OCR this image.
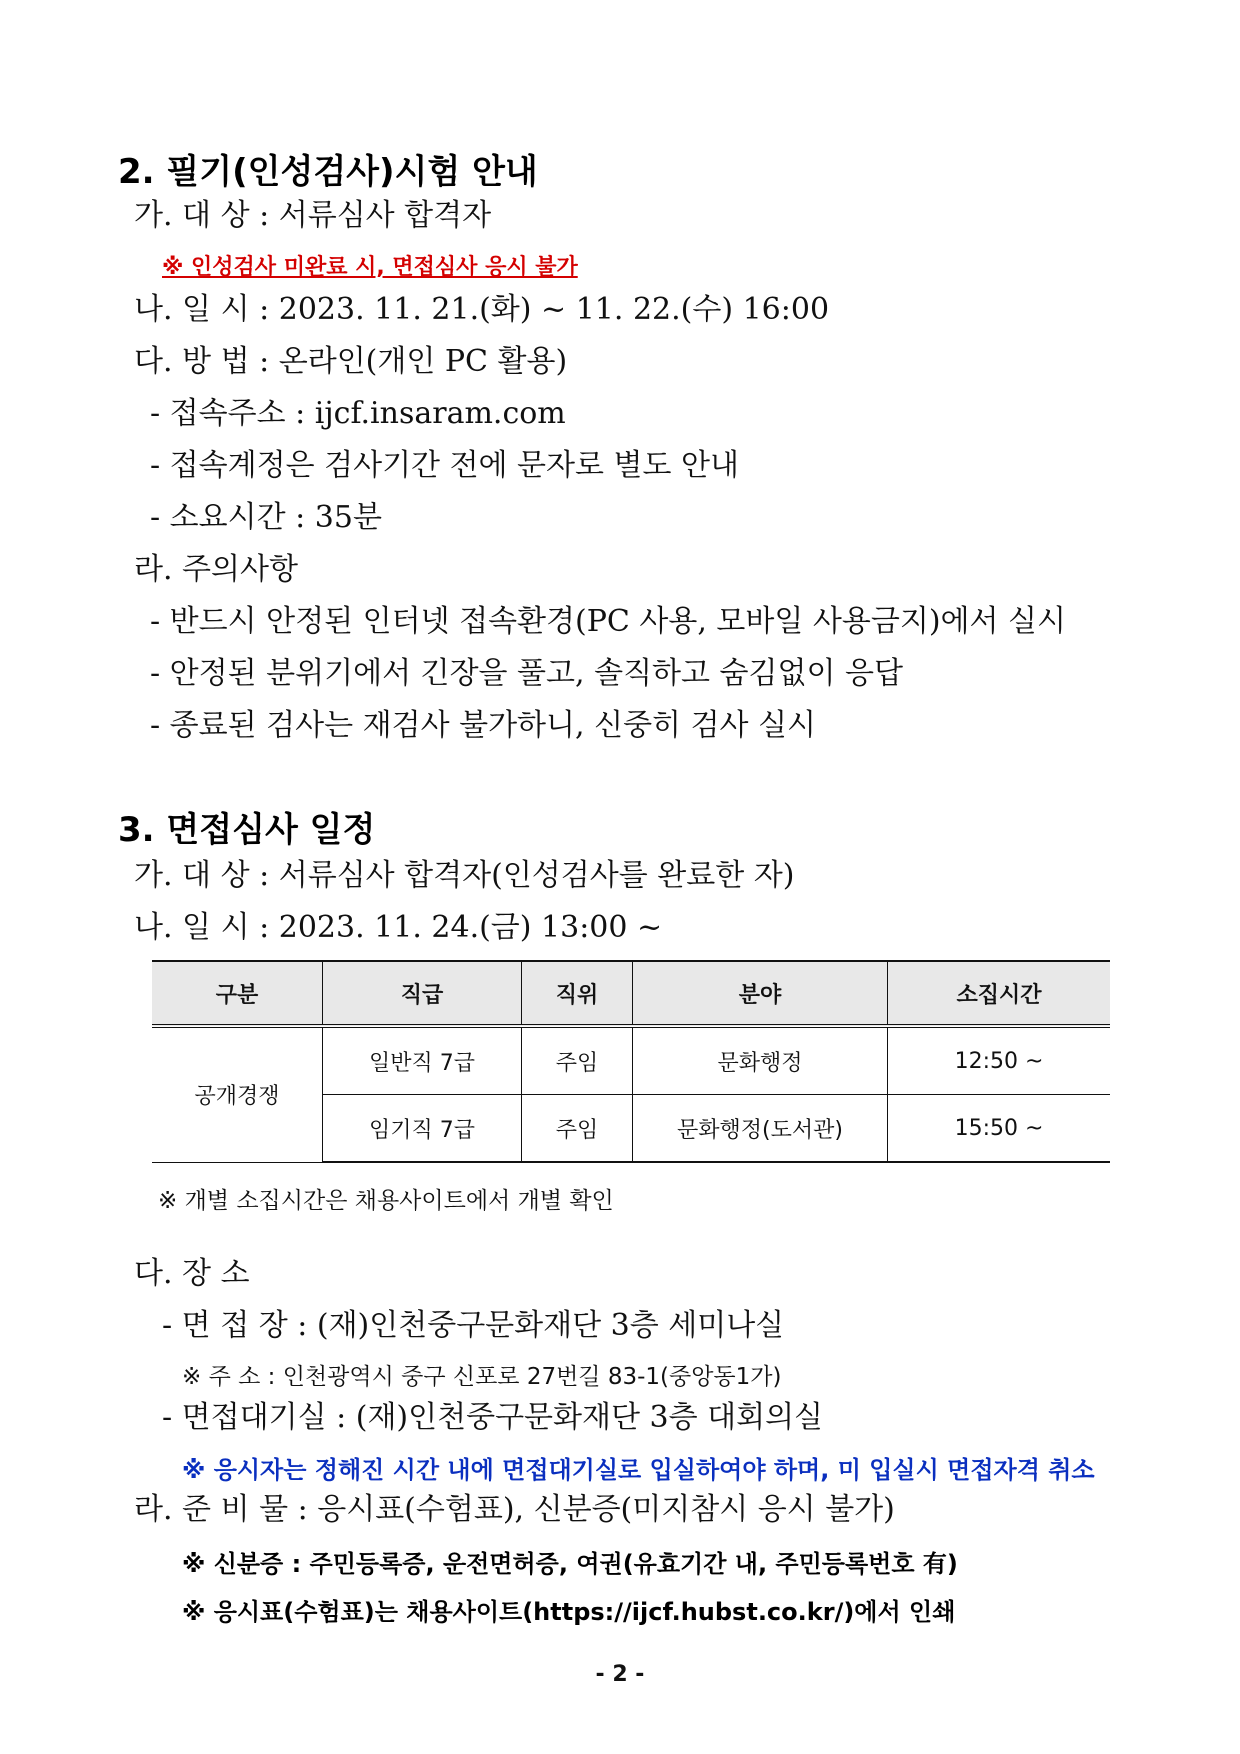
2. 필기(인성검사)시험 안내
가. 대 상 : 서류심사 합격자
※ 인성검사 미완료 시, 면접심사 응시 불가
나. 일 시 : 2023. 11. 21.(화) ~ 11. 22.(수) 16:00
다. 방 법 : 온라인(개인 PC 활용)
- 접속주소 : ijcf.insaram.com
- 접속계정은 검사기간 전에 문자로 별도 안내
- 소요시간 : 35분
라. 주의사항
- 반드시 안정된 인터넷 접속환경(PC 사용, 모바일 사용금지)에서 실시
- 안정된 분위기에서 긴장을 풀고, 솔직하고 숨김없이 응답
- 종료된 검사는 재검사 불가하니, 신중히 검사 실시
3. 면접심사 일정
가. 대 상 : 서류심사 합격자(인성검사를 완료한 자)
나. 일 시 : 2023. 11. 24.(금) 13:00 ~
구분	직급	직위	분야	소집시간
공개경쟁	일반직 7급	주임	문화행정	12:50 ~
	임기직 7급	주임	문화행정(도서관)	15:50 ~
※ 개별 소집시간은 채용사이트에서 개별 확인
다. 장 소
- 면 접 장 : (재)인천중구문화재단 3층 세미나실
※ 주 소 : 인천광역시 중구 신포로 27번길 83-1(중앙동1가)
- 면접대기실 : (재)인천중구문화재단 3층 대회의실
※ 응시자는 정해진 시간 내에 면접대기실로 입실하여야 하며, 미 입실시 면접자격 취소
라. 준 비 물 : 응시표(수험표), 신분증(미지참시 응시 불가)
※ 신분증 : 주민등록증, 운전면허증, 여권(유효기간 내, 주민등록번호 有)
※ 응시표(수험표)는 채용사이트(https://ijcf.hubst.co.kr/)에서 인쇄
- 2 -
